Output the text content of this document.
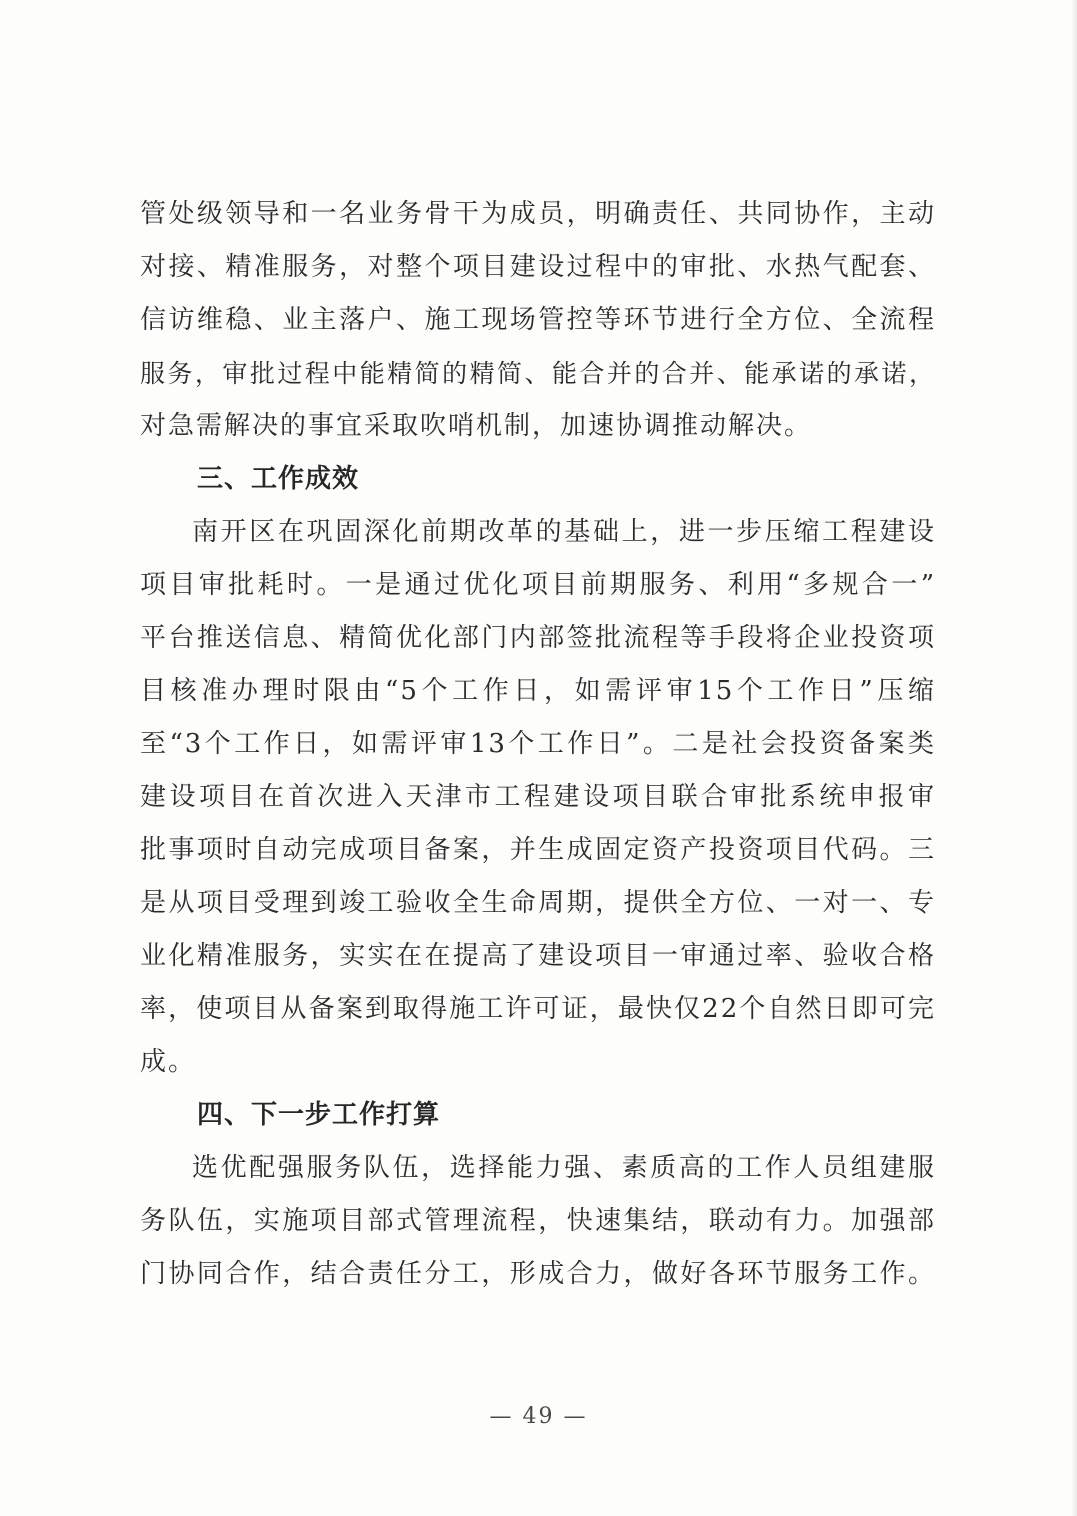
管处级领导和一名业务骨干为成员，明确责任、共同协作，主动
对接、精准服务，对整个项目建设过程中的审批、水热气配套、
信访维稳、业主落户、施工现场管控等环节进行全方位、全流程
服务，审批过程中能精简的精简、能合并的合并、能承诺的承诺，
对急需解决的事宜采取吹哨机制，加速协调推动解决。

三、工作成效

南开区在巩固深化前期改革的基础上，进一步压缩工程建设
项目审批耗时。一是通过优化项目前期服务、利用“多规合一”
平台推送信息、精简优化部门内部签批流程等手段将企业投资项
目核准办理时限由“5个工作日，如需评审15个工作日”压缩
至“3个工作日，如需评审13个工作日”。二是社会投资备案类
建设项目在首次进入天津市工程建设项目联合审批系统申报审
批事项时自动完成项目备案，并生成固定资产投资项目代码。三
是从项目受理到竣工验收全生命周期，提供全方位、一对一、专
业化精准服务，实实在在提高了建设项目一审通过率、验收合格
率，使项目从备案到取得施工许可证，最快仅22个自然日即可完
成。

四、下一步工作打算

选优配强服务队伍，选择能力强、素质高的工作人员组建服
务队伍，实施项目部式管理流程，快速集结，联动有力。加强部
门协同合作，结合责任分工，形成合力，做好各环节服务工作。

— 49 —
